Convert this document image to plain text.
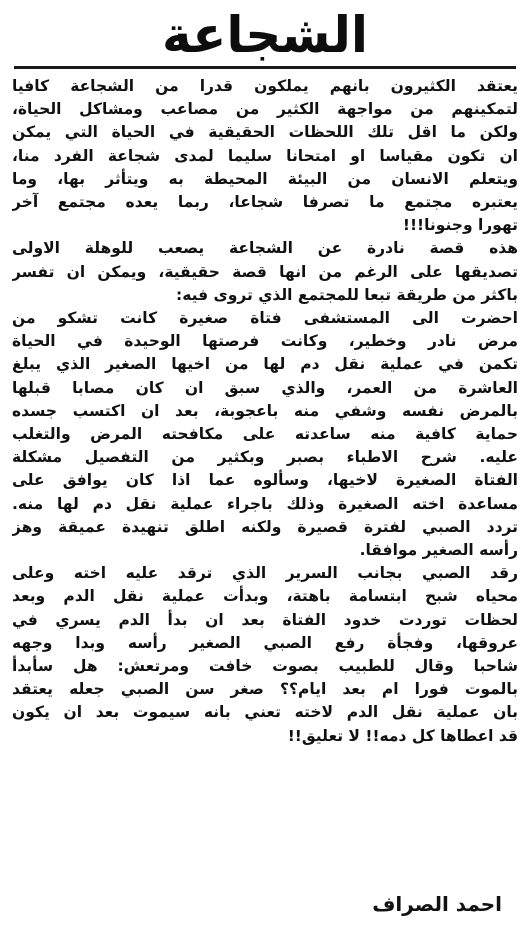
الشجاعة

يعتقد الكثيرون بانهم يملكون قدرا من الشجاعة كافيا
لتمكينهم من مواجهة الكثير من مصاعب ومشاكل الحياة،
ولكن ما اقل تلك اللحظات الحقيقية في الحياة التي يمكن
ان تكون مقياسا او امتحانا سليما لمدى شجاعة الفرد منا،
ويتعلم الانسان من البيئة المحيطة به ويتأثر بها، وما
يعتبره مجتمع ما تصرفا شجاعا، ربما يعده مجتمع آخر
تهورا وجنونا!!!

هذه قصة نادرة عن الشجاعة يصعب للوهلة الاولى
تصديقها على الرغم من انها قصة حقيقية، ويمكن ان تفسر
باكثر من طريقة تبعا للمجتمع الذي تروى فيه:

احضرت الى المستشفى فتاة صغيرة كانت تشكو من
مرض نادر وخطير، وكانت فرصتها الوحيدة في الحياة
تكمن في عملية نقل دم لها من اخيها الصغير الذي يبلغ
العاشرة من العمر، والذي سبق ان كان مصابا قبلها
بالمرض نفسه وشفي منه باعجوبة، بعد ان اكتسب جسده
حماية كافية منه ساعدته على مكافحته المرض والتغلب
عليه. شرح الاطباء بصبر وبكثير من التفصيل مشكلة
الفتاة الصغيرة لاخيها، وسألوه عما اذا كان يوافق على
مساعدة اخته الصغيرة وذلك باجراء عملية نقل دم لها منه.
تردد الصبي لفترة قصيرة ولكنه اطلق تنهيدة عميقة وهز
رأسه الصغير موافقا.

رقد الصبي بجانب السرير الذي ترقد عليه اخته وعلى
محياه شبح ابتسامة باهتة، وبدأت عملية نقل الدم وبعد
لحظات توردت خدود الفتاة بعد ان بدأ الدم يسري في
عروقها، وفجأة رفع الصبي الصغير رأسه وبدا وجهه
شاحبا وقال للطبيب بصوت خافت ومرتعش: هل سأبدأ
بالموت فورا ام بعد ايام؟؟ صغر سن الصبي جعله يعتقد
بان عملية نقل الدم لاخته تعني بانه سيموت بعد ان يكون
قد اعطاها كل دمه!! لا تعليق!!

احمد الصراف
